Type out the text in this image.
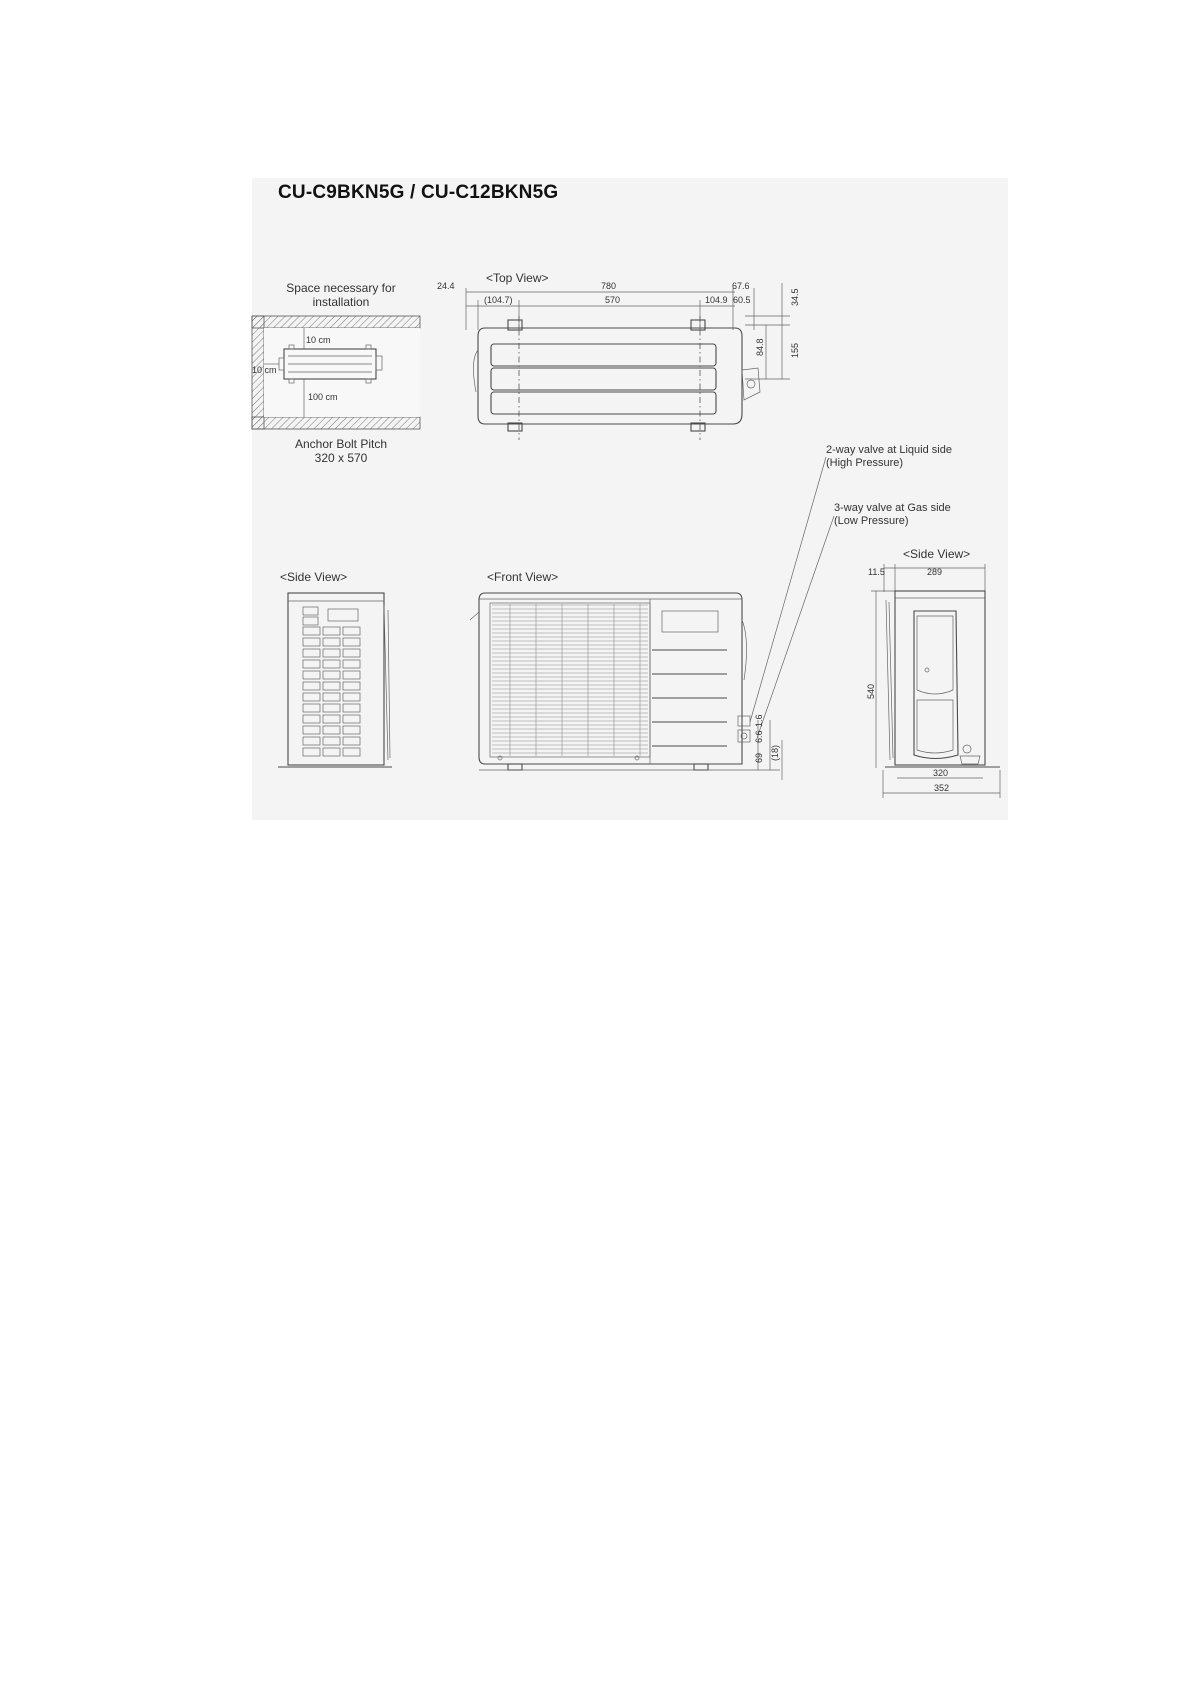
CU-C9BKN5G / CU-C12BKN5G
Space necessary for
installation
10 cm
10 cm
100 cm
Anchor Bolt Pitch
320 x 570
<Top View>
24.4	780	67.6
(104.7)	570	104.9 60.5	34.5
84.8	155
2-way valve at Liquid side
(High Pressure)
3-way valve at Gas side
(Low Pressure)
<Side View>	<Front View>
69
6.6
1.6
(18)
<Side View>
11.5	289
540
320
352
